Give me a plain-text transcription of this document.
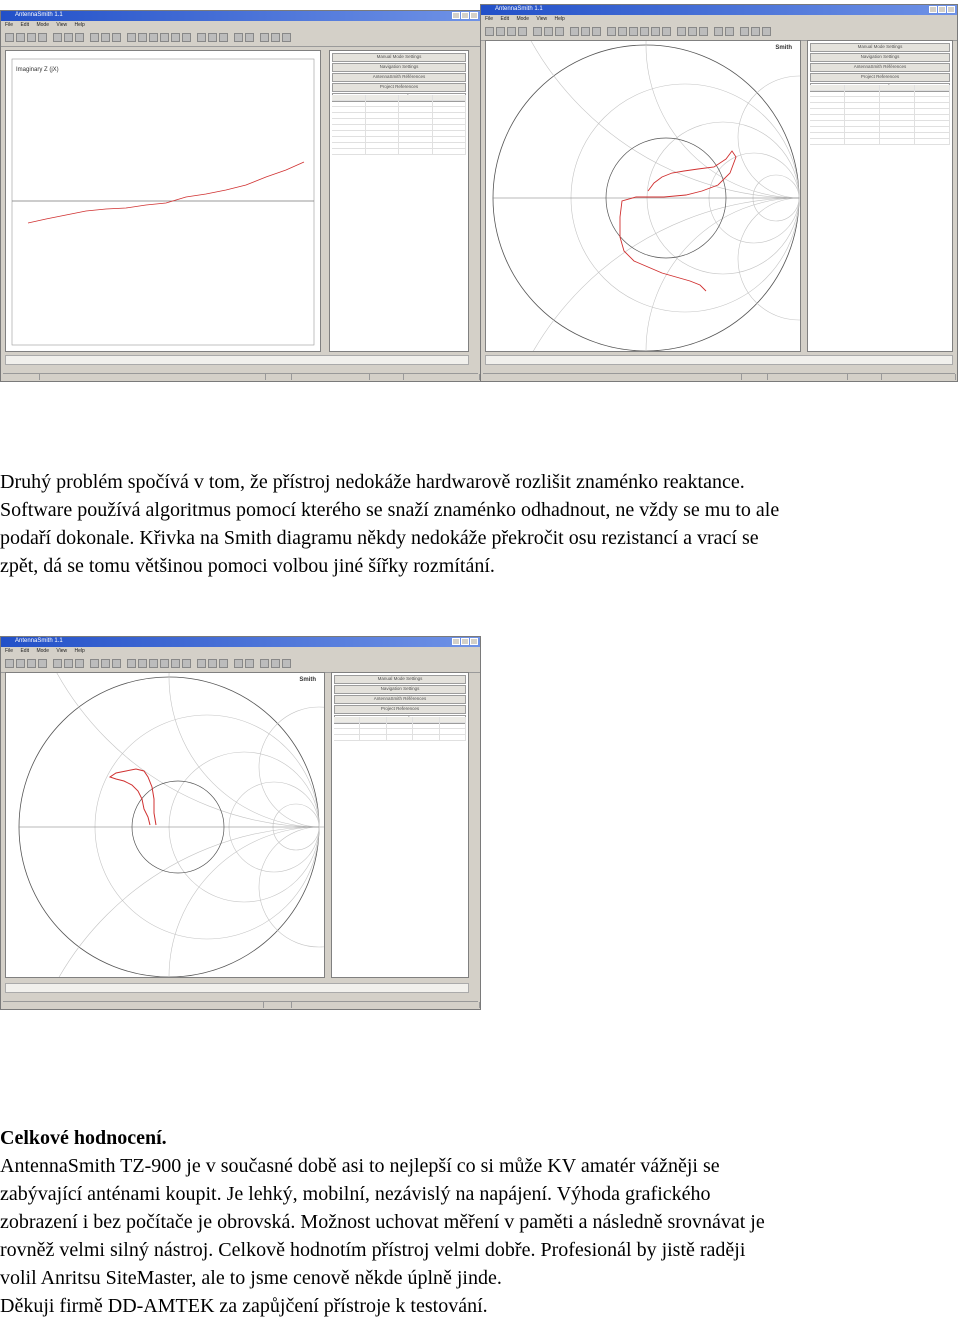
AntennaSmith 1.1
File Edit Mode View Help
Imaginary Z (jX)
Manual Mode Settings
Navigation Settings
AntennaSmith Références
Project References
AntennaSmith 1.1
File Edit Mode View Help
Smith	Manual Mode Settings
Navigation Settings
AntennaSmith Références
Project References

Druhý problém spočívá v tom, že přístroj nedokáže hardwarově rozlišit znaménko reaktance.

Software používá algoritmus pomocí kterého se snaží znaménko odhadnout, ne vždy se mu to ale

podaří dokonale. Křivka na Smith diagramu někdy nedokáže překročit osu rezistancí a vrací se

zpět, dá se tomu většinou pomoci volbou jiné šířky rozmítání.

AntennaSmith 1.1
File Edit Mode View Help
Smith	Manual Mode Settings
Navigation Settings
AntennaSmith Références
Project References

Celkové hodnocení.

AntennaSmith TZ-900 je v současné době asi to nejlepší co si může KV amatér vážněji se

zabývající anténami koupit. Je lehký, mobilní, nezávislý na napájení. Výhoda grafického

zobrazení i bez počítače je obrovská. Možnost uchovat měření v paměti a následně srovnávat je

rovněž velmi silný nástroj. Celkově hodnotím přístroj velmi dobře. Profesionál by jistě raději

volil Anritsu SiteMaster, ale to jsme cenově někde úplně jinde.

Děkuji firmě DD-AMTEK za zapůjčení přístroje k testování.
